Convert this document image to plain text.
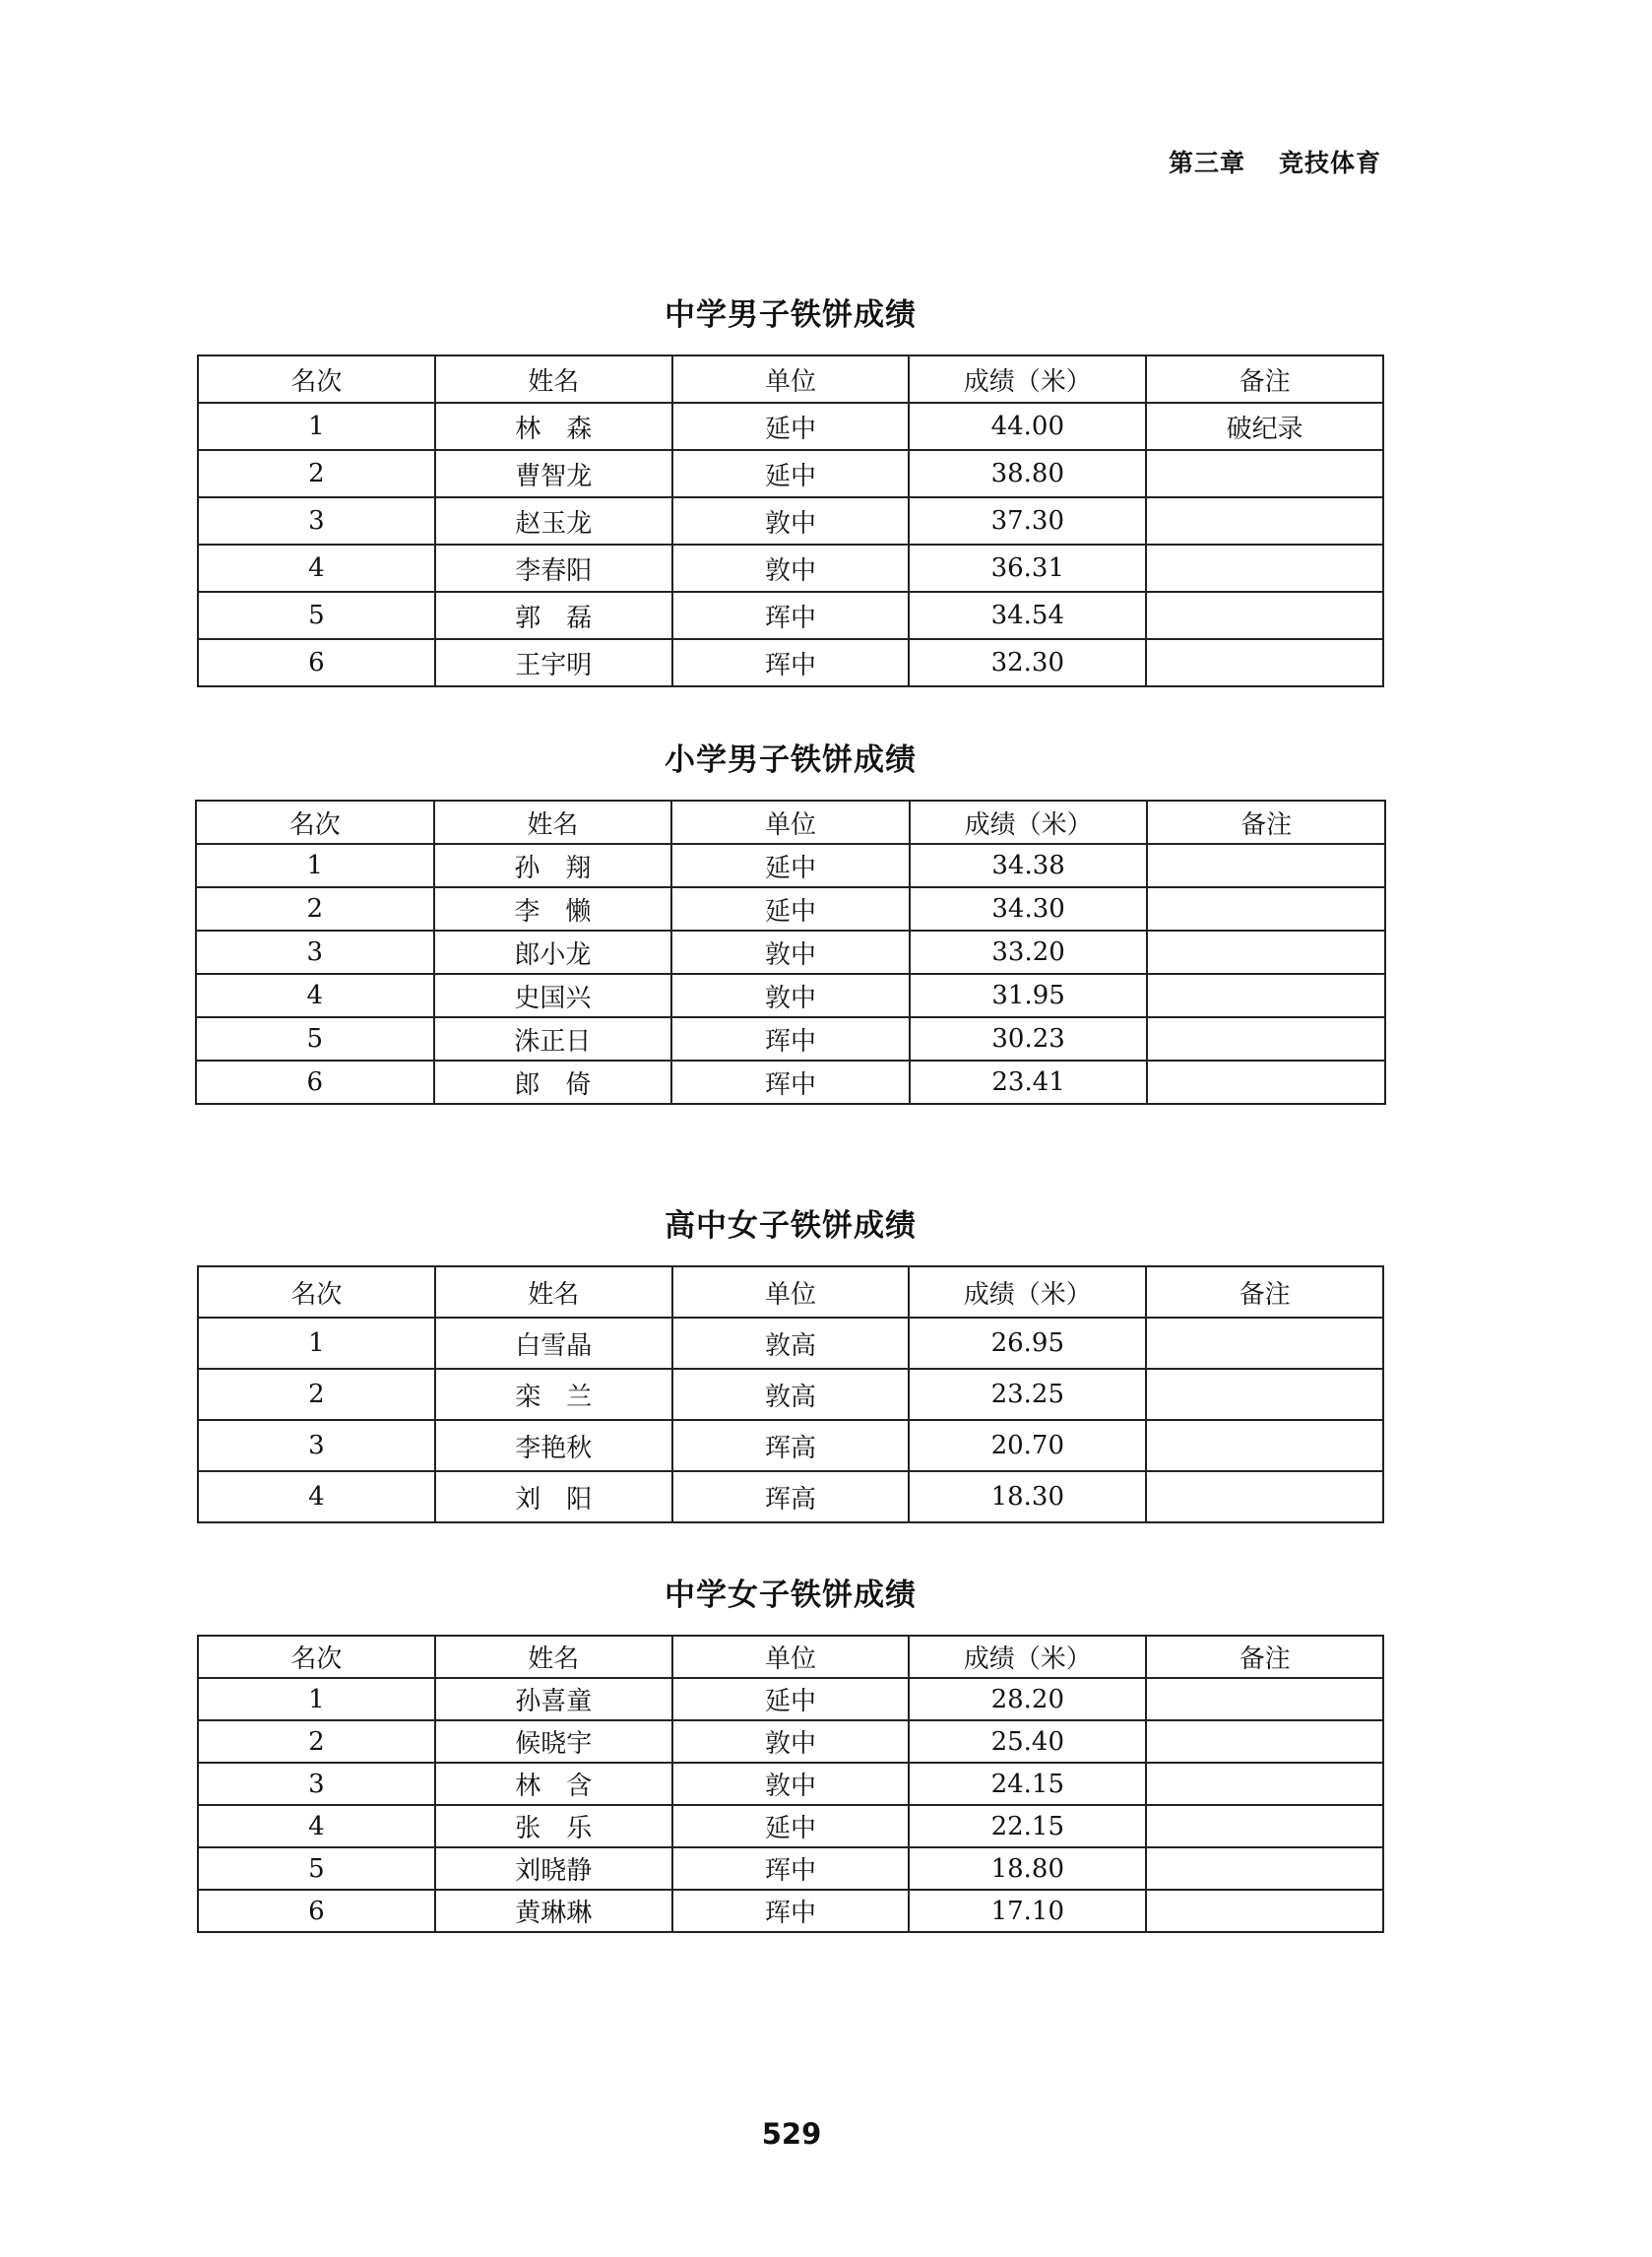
第三章 竞技体育
中学男子铁饼成绩
名次	姓名	单位	成绩（米）	备注
1	林　森	延中	44.00	破纪录
2	曹智龙	延中	38.80	
3	赵玉龙	敦中	37.30	
4	李春阳	敦中	36.31	
5	郭　磊	珲中	34.54	
6	王宇明	珲中	32.30	
小学男子铁饼成绩
名次	姓名	单位	成绩（米）	备注
1	孙　翔	延中	34.38	
2	李　懒	延中	34.30	
3	郎小龙	敦中	33.20	
4	史国兴	敦中	31.95	
5	洙正日	珲中	30.23	
6	郎　倚	珲中	23.41	
高中女子铁饼成绩
名次	姓名	单位	成绩（米）	备注
1	白雪晶	敦高	26.95	
2	栾　兰	敦高	23.25	
3	李艳秋	珲高	20.70	
4	刘　阳	珲高	18.30	
中学女子铁饼成绩
名次	姓名	单位	成绩（米）	备注
1	孙喜童	延中	28.20	
2	候晓宇	敦中	25.40	
3	林　含	敦中	24.15	
4	张　乐	延中	22.15	
5	刘晓静	珲中	18.80	
6	黄琳琳	珲中	17.10	
529
